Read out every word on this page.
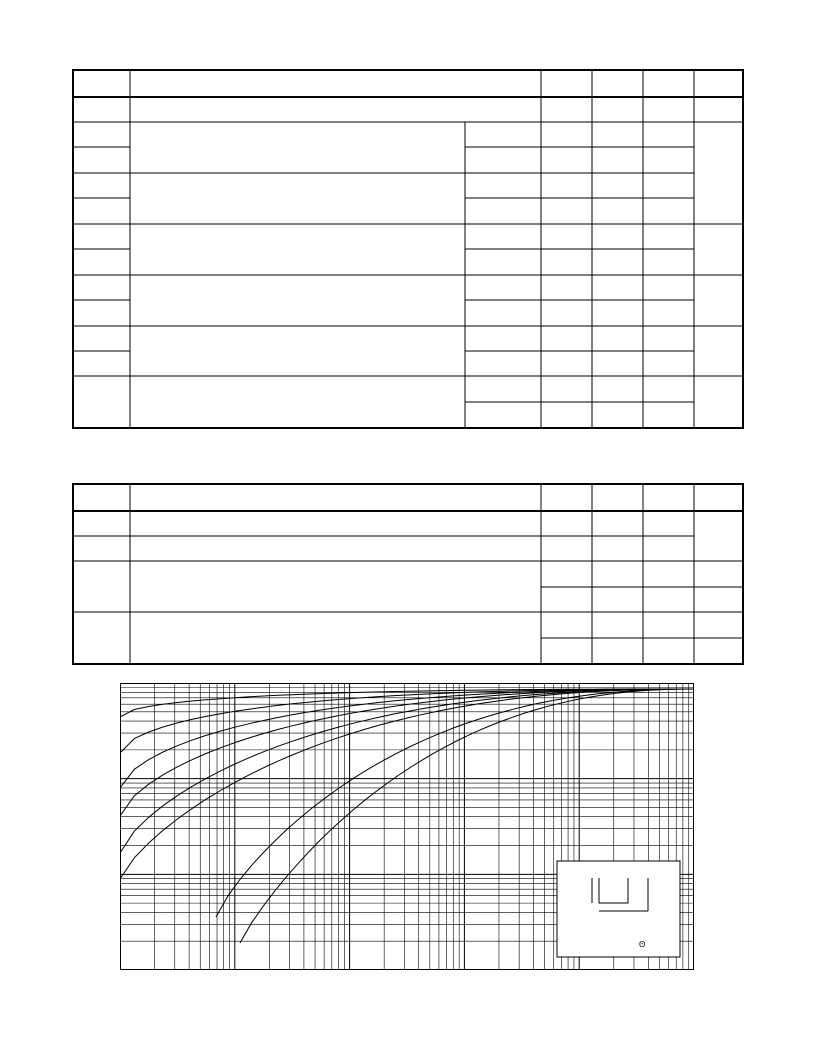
Θ
